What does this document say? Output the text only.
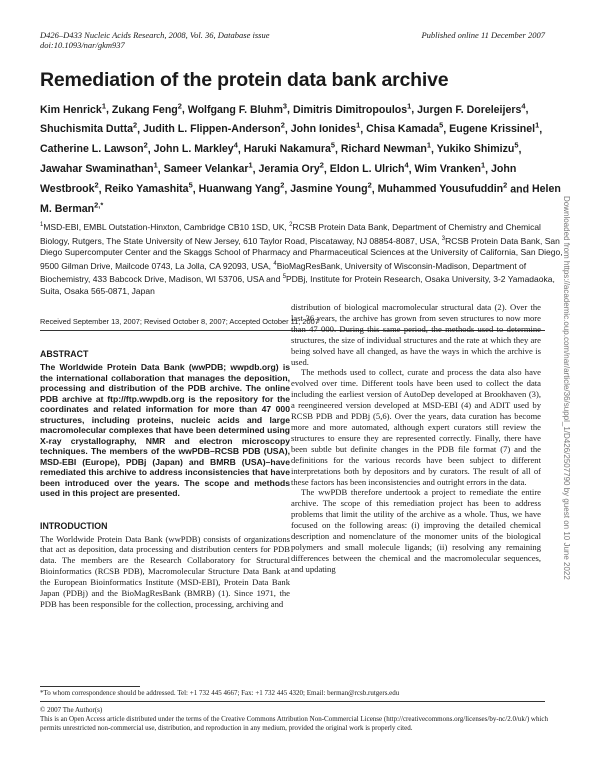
D426–D433 Nucleic Acids Research, 2008, Vol. 36, Database issue
doi:10.1093/nar/gkm937
Published online 11 December 2007
Remediation of the protein data bank archive
Kim Henrick$^1$, Zukang Feng$^2$, Wolfgang F. Bluhm$^3$, Dimitris Dimitropoulos$^1$, Jurgen F. Doreleijers$^4$, Shuchismita Dutta$^2$, Judith L. Flippen-Anderson$^2$, John Ionides$^1$, Chisa Kamada$^5$, Eugene Krissinel$^1$, Catherine L. Lawson$^2$, John L. Markley$^4$, Haruki Nakamura$^5$, Richard Newman$^1$, Yukiko Shimizu$^5$, Jawahar Swaminathan$^1$, Sameer Velankar$^1$, Jeramia Ory$^2$, Eldon L. Ulrich$^4$, Wim Vranken$^1$, John Westbrook$^2$, Reiko Yamashita$^5$, Huanwang Yang$^2$, Jasmine Young$^2$, Muhammed Yousufuddin$^2$ and Helen M. Berman$^{2,*}$
$^1$MSD-EBI, EMBL Outstation-Hinxton, Cambridge CB10 1SD, UK, $^2$RCSB Protein Data Bank, Department of Chemistry and Chemical Biology, Rutgers, The State University of New Jersey, 610 Taylor Road, Piscataway, NJ 08854-8087, USA, $^3$RCSB Protein Data Bank, San Diego Supercomputer Center and the Skaggs School of Pharmacy and Pharmaceutical Sciences at the University of California, San Diego, 9500 Gilman Drive, Mailcode 0743, La Jolla, CA 92093, USA, $^4$BioMagResBank, University of Wisconsin-Madison, Department of Biochemistry, 433 Babcock Drive, Madison, WI 53706, USA and $^5$PDBj, Institute for Protein Research, Osaka University, 3-2 Yamadaoka, Suita, Osaka 565-0871, Japan
Received September 13, 2007; Revised October 8, 2007; Accepted October 11, 2007
ABSTRACT

The Worldwide Protein Data Bank (wwPDB; wwpdb.org) is the international collaboration that manages the deposition, processing and distribution of the PDB archive. The online PDB archive at ftp://ftp.wwpdb.org is the repository for the coordinates and related information for more than 47 000 structures, including proteins, nucleic acids and large macromolecular complexes that have been determined using X-ray crystallography, NMR and electron microscopy techniques. The members of the wwPDB–RCSB PDB (USA), MSD-EBI (Europe), PDBj (Japan) and BMRB (USA)–have remediated this archive to address inconsistencies that have been introduced over the years. The scope and methods used in this project are presented.

INTRODUCTION

The Worldwide Protein Data Bank (wwPDB) consists of organizations that act as deposition, data processing and distribution centers for PDB data. The members are the Research Collaboratory for Structural Bioinformatics (RCSB PDB), Macromolecular Structure Data Bank at the European Bioinformatics Institute (MSD-EBI), Protein Data Bank Japan (PDBj) and the BioMagResBank (BMRB) (1). Since 1971, the PDB has been responsible for the collection, processing, archiving and

distribution of biological macromolecular structural data (2). Over the last 36 years, the archive has grown from seven structures to now more than 47 000. During this same period, the methods used to determine structures, the size of individual structures and the rate at which they are being solved have all changed, as have the ways in which the archive is used.

The methods used to collect, curate and process the data also have evolved over time. Different tools have been used to collect the data including the earliest version of AutoDep developed at Brookhaven (3), a reengineered version developed at MSD-EBI (4) and ADIT used by RCSB PDB and PDBj (5,6). Over the years, data curation has become more and more automated, although expert curators still review the structures to ensure they are represented correctly. Finally, there have been subtle but definite changes in the PDB file format (7) and the definitions for the various records have been subject to different interpretations both by depositors and by curators. The result of all of these factors has been inconsistencies and outright errors in the data.

The wwPDB therefore undertook a project to remediate the entire archive. The scope of this remediation project has been to address problems that limit the utility of the archive as a whole. Thus, we have focused on the following areas: (i) improving the detailed chemical description and nomenclature of the monomer units of the biological polymers and small molecule ligands; (ii) resolving any remaining differences between the chemical and the macromolecular sequences, and updating

*To whom correspondence should be addressed. Tel: +1 732 445 4667; Fax: +1 732 445 4320; Email: berman@rcsb.rutgers.edu
© 2007 The Author(s)
This is an Open Access article distributed under the terms of the Creative Commons Attribution Non-Commercial License (http://creativecommons.org/licenses/by-nc/2.0/uk/) which permits unrestricted non-commercial use, distribution, and reproduction in any medium, provided the original work is properly cited.
Downloaded from https://academic.oup.com/nar/article/36/suppl_1/D426/2507790 by guest on 10 June 2022
